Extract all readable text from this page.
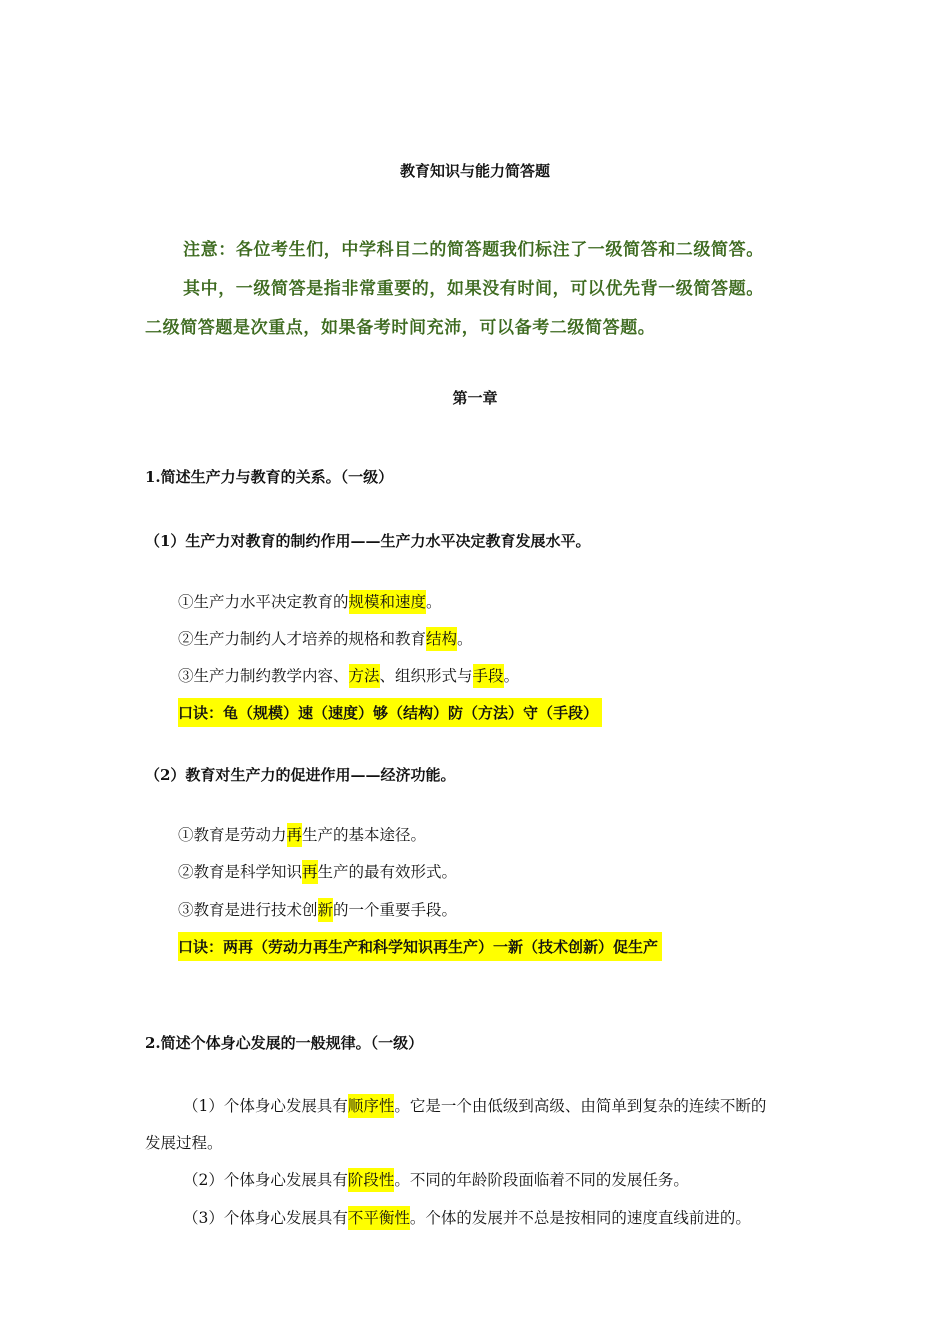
教育知识与能力简答题
注意：各位考生们，中学科目二的简答题我们标注了一级简答和二级简答。
其中，一级简答是指非常重要的，如果没有时间，可以优先背一级简答题。
二级简答题是次重点，如果备考时间充沛，可以备考二级简答题。
第一章
1.简述生产力与教育的关系。（一级）
（1）生产力对教育的制约作用——生产力水平决定教育发展水平。
①生产力水平决定教育的规模和速度。
②生产力制约人才培养的规格和教育结构。
③生产力制约教学内容、方法、组织形式与手段。
口诀：龟（规模）速（速度）够（结构）防（方法）守（手段）
（2）教育对生产力的促进作用——经济功能。
①教育是劳动力再生产的基本途径。
②教育是科学知识再生产的最有效形式。
③教育是进行技术创新的一个重要手段。
口诀：两再（劳动力再生产和科学知识再生产）一新（技术创新）促生产
2.简述个体身心发展的一般规律。（一级）
（1）个体身心发展具有顺序性。它是一个由低级到高级、由简单到复杂的连续不断的
发展过程。
（2）个体身心发展具有阶段性。不同的年龄阶段面临着不同的发展任务。
（3）个体身心发展具有不平衡性。个体的发展并不总是按相同的速度直线前进的。
